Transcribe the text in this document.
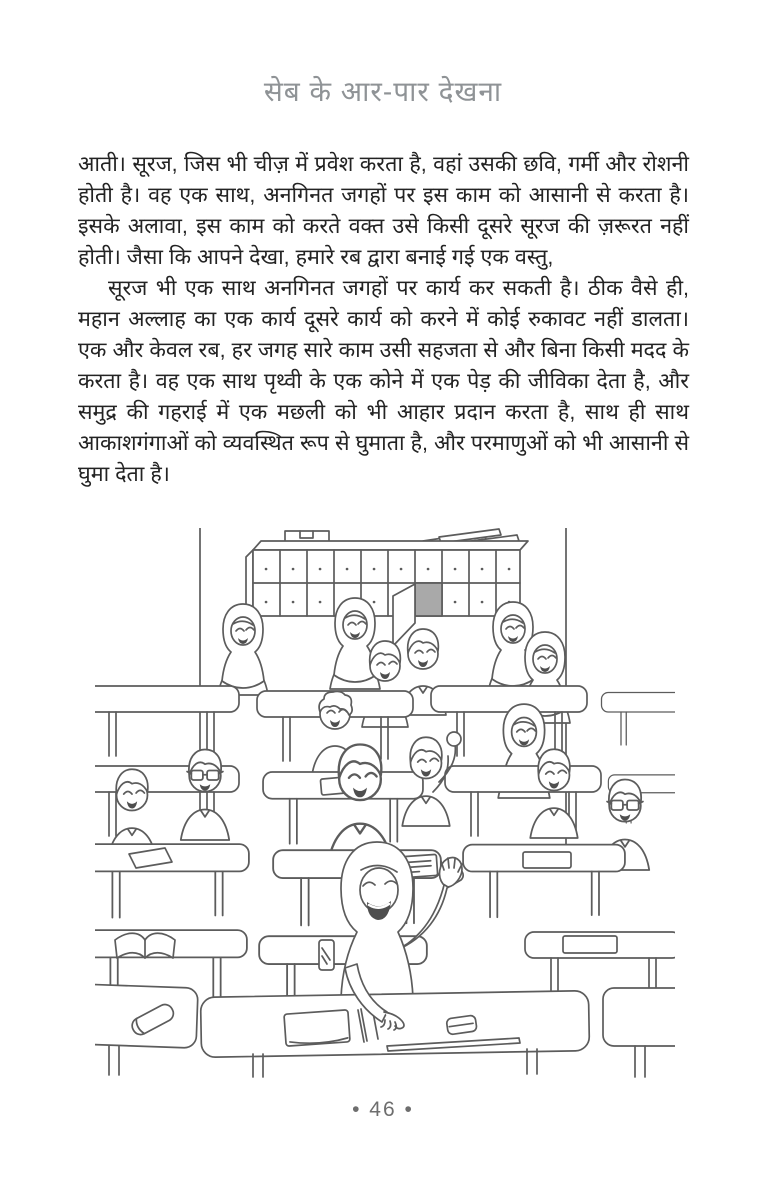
सेब के आर-पार देखना

आती। सूरज, जिस भी चीज़ में प्रवेश करता है, वहां उसकी छवि, गर्मी और रोशनी होती है। वह एक साथ, अनगिनत जगहों पर इस काम को आसानी से करता है। इसके अलावा, इस काम को करते वक्त उसे किसी दूसरे सूरज की ज़रूरत नहीं होती। जैसा कि आपने देखा, हमारे रब द्वारा बनाई गई एक वस्तु,

सूरज भी एक साथ अनगिनत जगहों पर कार्य कर सकती है। ठीक वैसे ही, महान अल्लाह का एक कार्य दूसरे कार्य को करने में कोई रुकावट नहीं डालता। एक और केवल रब, हर जगह सारे काम उसी सहजता से और बिना किसी मदद के करता है। वह एक साथ पृथ्वी के एक कोने में एक पेड़ की जीविका देता है, और समुद्र की गहराई में एक मछली को भी आहार प्रदान करता है, साथ ही साथ आकाशगंगाओं को व्यवस्थित रूप से घुमाता है, और परमाणुओं को भी आसानी से घुमा देता है।

• 46 •
